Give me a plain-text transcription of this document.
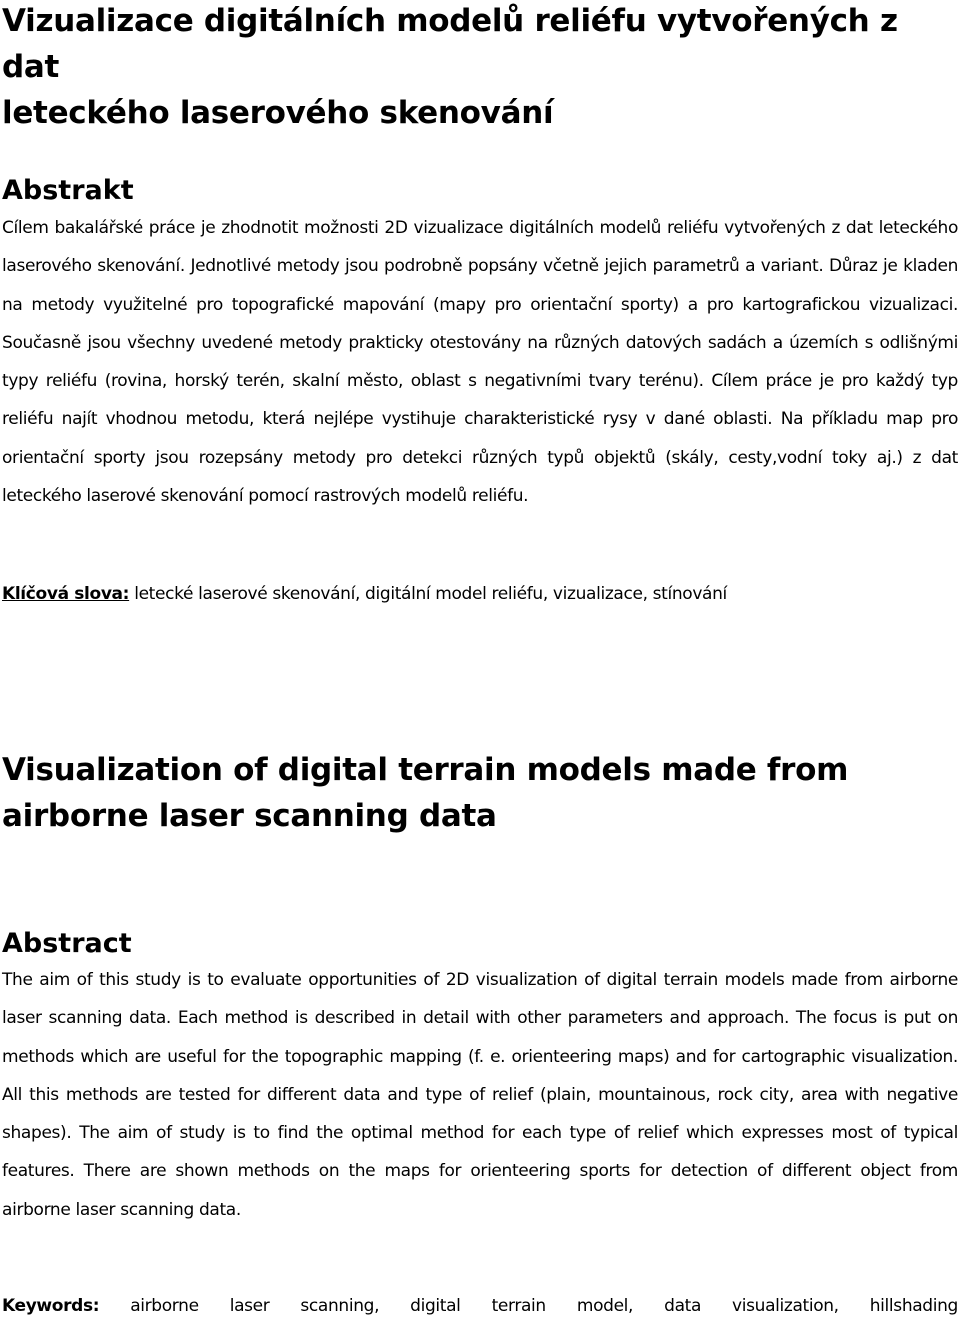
Vizualizace digitálních modelů reliéfu vytvořených z dat
leteckého laserového skenování
Abstrakt

Cílem bakalářské práce je zhodnotit možnosti 2D vizualizace digitálních modelů reliéfu vytvořených z dat leteckého laserového skenování. Jednotlivé metody jsou podrobně popsány včetně jejich parametrů a variant. Důraz je kladen na metody využitelné pro topografické mapování (mapy pro orientační sporty) a pro kartografickou vizualizaci. Současně jsou všechny uvedené metody prakticky otestovány na různých datových sadách a územích s odlišnými typy reliéfu (rovina, horský terén, skalní město, oblast s negativními tvary terénu). Cílem práce je pro každý typ reliéfu najít vhodnou metodu, která nejlépe vystihuje charakteristické rysy v dané oblasti. Na příkladu map pro orientační sporty jsou rozepsány metody pro detekci různých typů objektů (skály, cesty,vodní toky aj.) z dat leteckého laserové skenování pomocí rastrových modelů reliéfu.

Klíčová slova: letecké laserové skenování, digitální model reliéfu, vizualizace, stínování

Visualization of digital terrain models made from
airborne laser scanning data
Abstract

The aim of this study is to evaluate opportunities of 2D visualization of digital terrain models made from airborne laser scanning data. Each method is described in detail with other parameters and approach. The focus is put on methods which are useful for the topographic mapping (f. e. orienteering maps) and for cartographic visualization. All this methods are tested for different data and type of relief (plain, mountainous, rock city, area with negative shapes). The aim of study is to find the optimal method for each type of relief which expresses most of typical features. There are shown methods on the maps for orienteering sports for detection of different object from airborne laser scanning data.

Keywords: airborne laser scanning, digital terrain model, data visualization, hillshading
